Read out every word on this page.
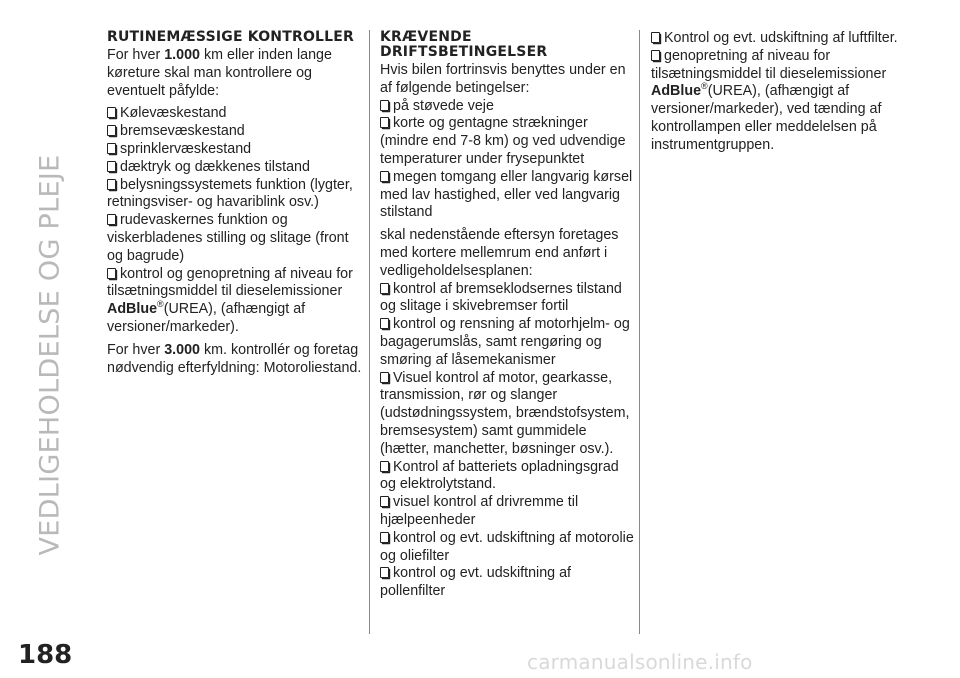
VEDLIGEHOLDELSE OG PLEJE
RUTINEMÆSSIGE KONTROLLER

For hver 1.000 km eller inden lange køreture skal man kontrollere og eventuelt påfylde:

Kølevæskestand
bremsevæskestand
sprinklervæskestand
dæktryk og dækkenes tilstand
belysningssystemets funktion (lygter, retningsviser- og havariblink osv.)
rudevaskernes funktion og viskerbladenes stilling og slitage (front og bagrude)
kontrol og genopretning af niveau for tilsætningsmiddel til dieselemissioner

AdBlue®(UREA), (afhængigt af versioner/markeder).

For hver 3.000 km. kontrollér og foretag nødvendig efterfyldning: Motoroliestand.

KRÆVENDE DRIFTSBETINGELSER

Hvis bilen fortrinsvis benyttes under en af følgende betingelser:

på støvede veje
korte og gentagne strækninger (mindre end 7-8 km) og ved udvendige temperaturer under frysepunktet
megen tomgang eller langvarig kørsel med lav hastighed, eller ved langvarig stilstand

skal nedenstående eftersyn foretages med kortere mellemrum end anført i vedligeholdelsesplanen:

kontrol af bremseklodsernes tilstand og slitage i skivebremser fortil
kontrol og rensning af motorhjelm- og bagagerumslås, samt rengøring og smøring af låsemekanismer
Visuel kontrol af motor, gearkasse, transmission, rør og slanger (udstødningssystem, brændstofsystem, bremsesystem) samt gummidele (hætter, manchetter, bøsninger osv.).
Kontrol af batteriets opladningsgrad og elektrolytstand.
visuel kontrol af drivremme til hjælpeenheder
kontrol og evt. udskiftning af motorolie og oliefilter
kontrol og evt. udskiftning af pollenfilter
Kontrol og evt. udskiftning af luftfilter.
genopretning af niveau for tilsætningsmiddel til dieselemissioner

AdBlue®(UREA), (afhængigt af versioner/markeder), ved tænding af kontrollampen eller meddelelsen på instrumentgruppen.

188	carmanualsonline.info
